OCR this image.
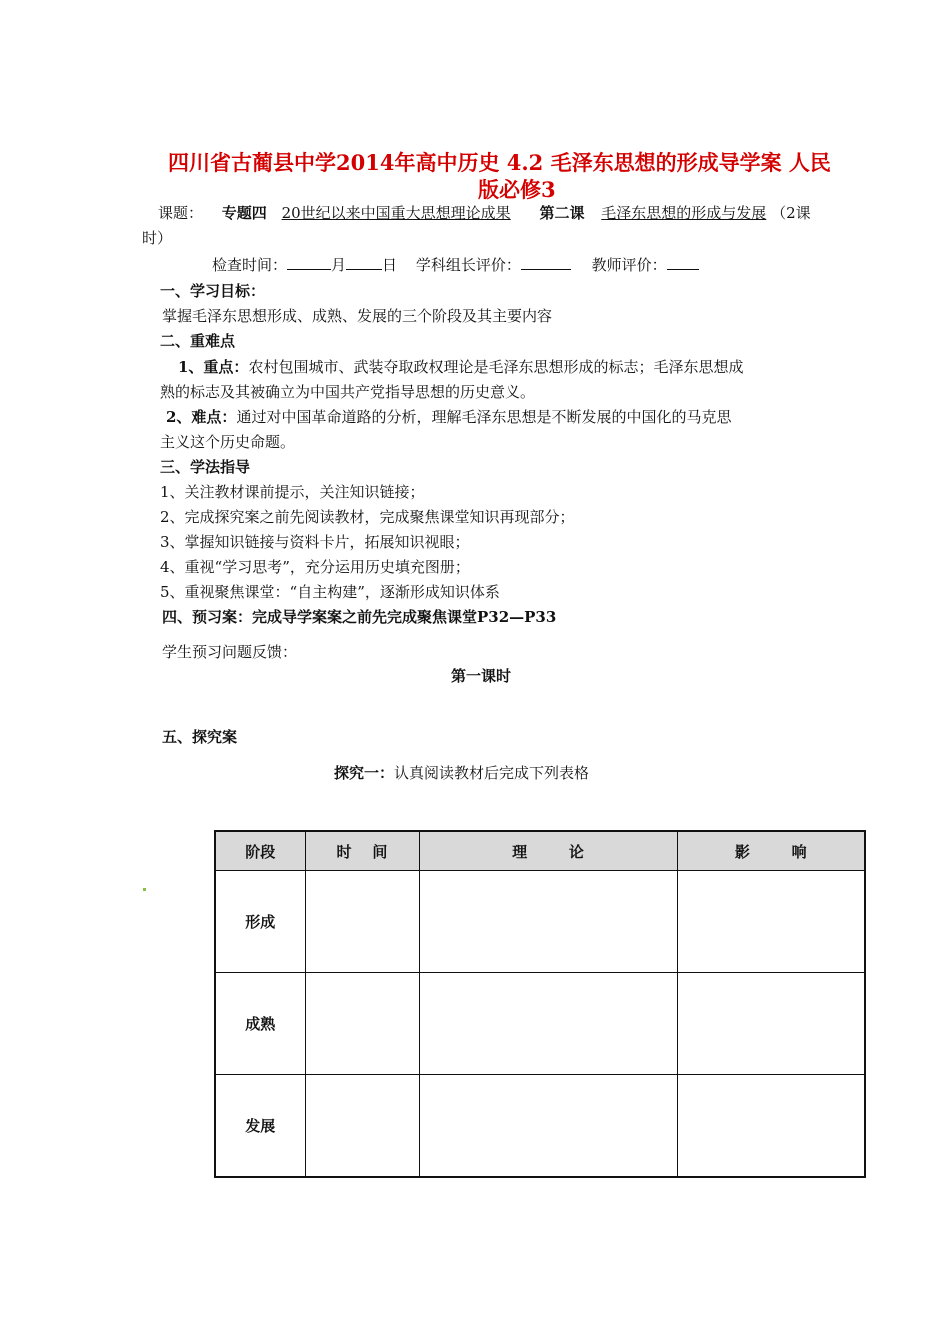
四川省古蔺县中学2014年高中历史 4.2 毛泽东思想的形成导学案 人民
版必修3
课题： 专题四 20世纪以来中国重大思想理论成果 第二课 毛泽东思想的形成与发展 （2课
时）
检查时间：	月 日 学科组长评价：	教师评价：
一、学习目标：
掌握毛泽东思想形成、成熟、发展的三个阶段及其主要内容
二、重难点
1、重点：农村包围城市、武装夺取政权理论是毛泽东思想形成的标志；毛泽东思想成
熟的标志及其被确立为中国共产党指导思想的历史意义。
2、难点：通过对中国革命道路的分析，理解毛泽东思想是不断发展的中国化的马克思
主义这个历史命题。
三、学法指导
1、关注教材课前提示，关注知识链接；
2、完成探究案之前先阅读教材，完成聚焦课堂知识再现部分；
3、掌握知识链接与资料卡片，拓展知识视眼；
4、重视“学习思考”，充分运用历史填充图册；
5、重视聚焦课堂：“自主构建”，逐渐形成知识体系
四、预习案：完成导学案案之前先完成聚焦课堂P32—P33
学生预习问题反馈：
第一课时
五、探究案
探究一：认真阅读教材后完成下列表格
阶段	时    间	理        论	影        响
形成			
成熟			
发展			
